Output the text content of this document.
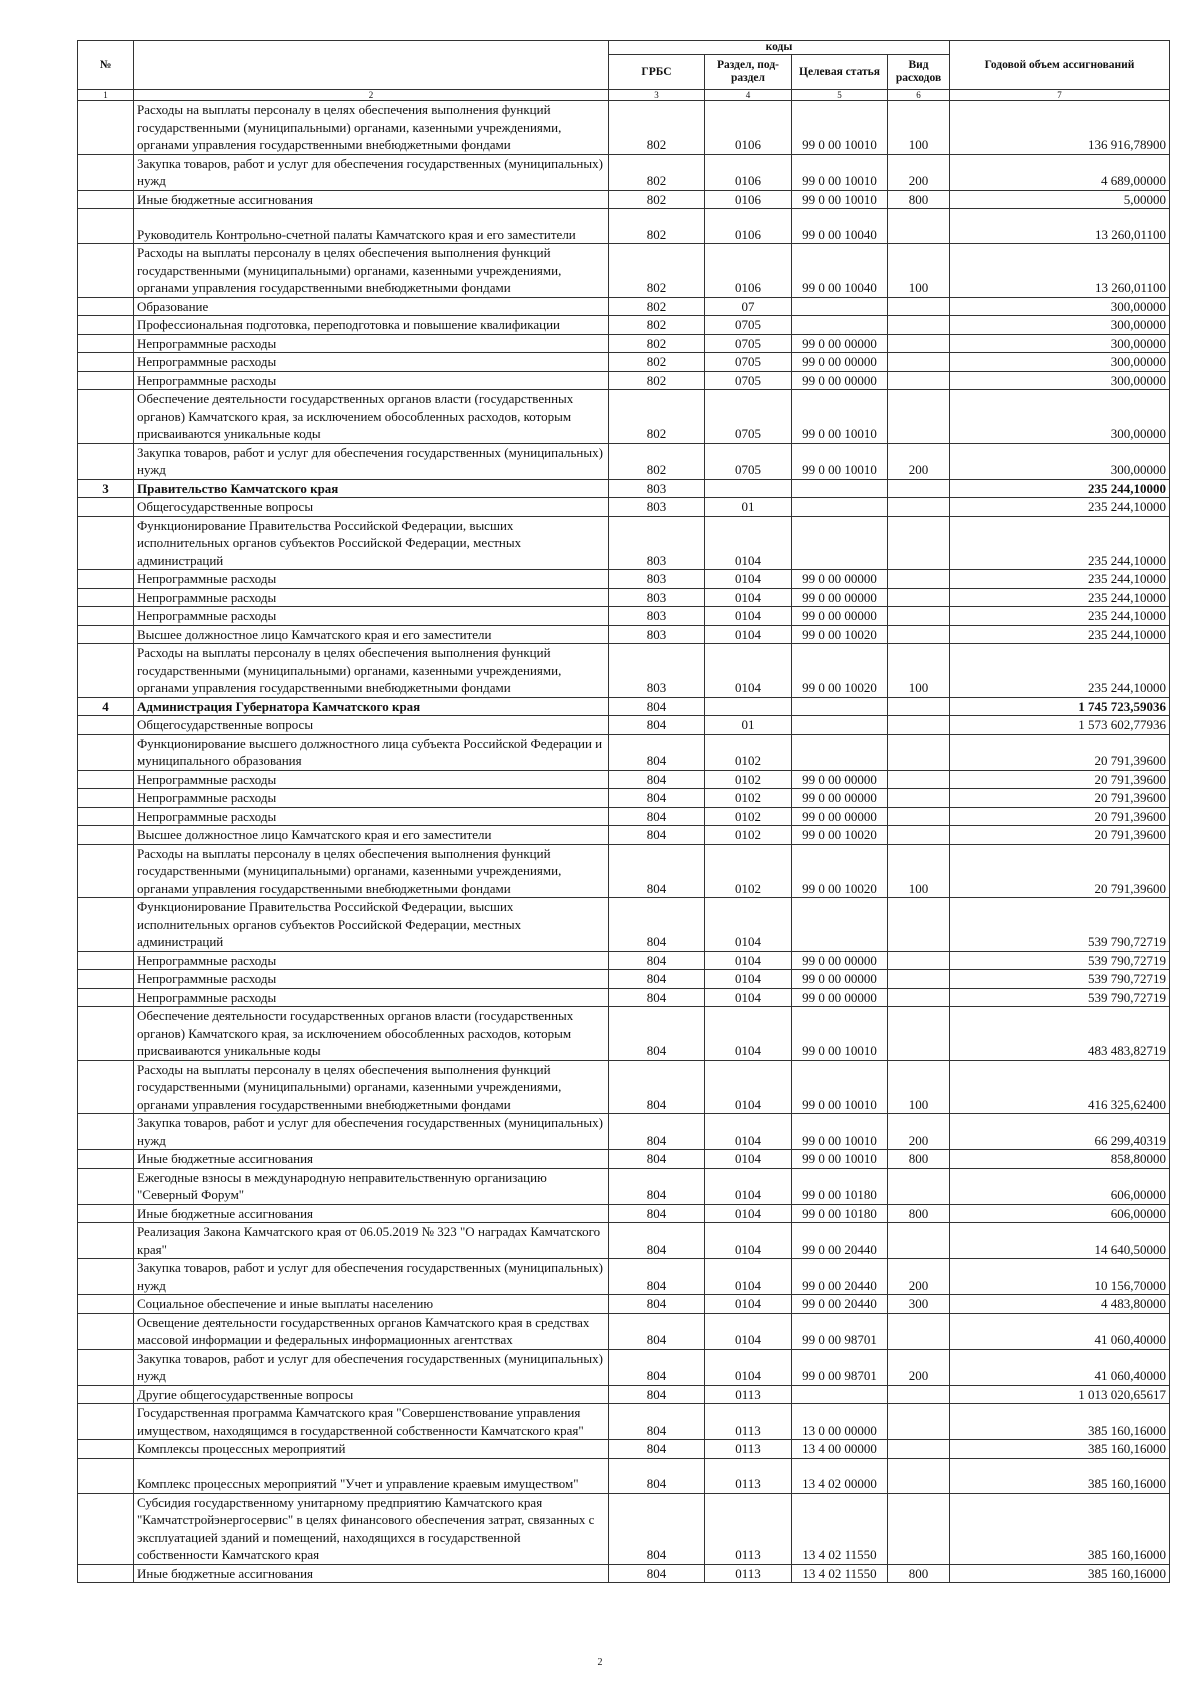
№		коды				Годовой объем ассигнований
		ГРБС	Раздел, под-раздел	Целевая статья	Вид расходов	
1	2	3	4	5	6	7
	Расходы на выплаты персоналу в целях обеспечения выполнения функций государственными (муниципальными) органами, казенными учреждениями, органами управления государственными внебюджетными фондами	802	0106	99 0 00 10010	100	136 916,78900
	Закупка товаров, работ и услуг для обеспечения государственных (муниципальных) нужд	802	0106	99 0 00 10010	200	4 689,00000
	Иные бюджетные ассигнования	802	0106	99 0 00 10010	800	5,00000
	Руководитель Контрольно-счетной палаты Камчатского края и его заместители	802	0106	99 0 00 10040		13 260,01100
	Расходы на выплаты персоналу в целях обеспечения выполнения функций государственными (муниципальными) органами, казенными учреждениями, органами управления государственными внебюджетными фондами	802	0106	99 0 00 10040	100	13 260,01100
	Образование	802	07			300,00000
	Профессиональная подготовка, переподготовка и повышение квалификации	802	0705			300,00000
	Непрограммные расходы	802	0705	99 0 00 00000		300,00000
	Непрограммные расходы	802	0705	99 0 00 00000		300,00000
	Непрограммные расходы	802	0705	99 0 00 00000		300,00000
	Обеспечение деятельности государственных органов власти (государственных органов) Камчатского края, за исключением обособленных расходов, которым присваиваются уникальные коды	802	0705	99 0 00 10010		300,00000
	Закупка товаров, работ и услуг для обеспечения государственных (муниципальных) нужд	802	0705	99 0 00 10010	200	300,00000
3	Правительство Камчатского края	803				235 244,10000
	Общегосударственные вопросы	803	01			235 244,10000
	Функционирование Правительства Российской Федерации, высших исполнительных органов субъектов Российской Федерации, местных администраций	803	0104			235 244,10000
	Непрограммные расходы	803	0104	99 0 00 00000		235 244,10000
	Непрограммные расходы	803	0104	99 0 00 00000		235 244,10000
	Непрограммные расходы	803	0104	99 0 00 00000		235 244,10000
	Высшее должностное лицо Камчатского края и его заместители	803	0104	99 0 00 10020		235 244,10000
	Расходы на выплаты персоналу в целях обеспечения выполнения функций государственными (муниципальными) органами, казенными учреждениями, органами управления государственными внебюджетными фондами	803	0104	99 0 00 10020	100	235 244,10000
4	Администрация Губернатора Камчатского края	804				1 745 723,59036
	Общегосударственные вопросы	804	01			1 573 602,77936
	Функционирование высшего должностного лица субъекта Российской Федерации и муниципального образования	804	0102			20 791,39600
	Непрограммные расходы	804	0102	99 0 00 00000		20 791,39600
	Непрограммные расходы	804	0102	99 0 00 00000		20 791,39600
	Непрограммные расходы	804	0102	99 0 00 00000		20 791,39600
	Высшее должностное лицо Камчатского края и его заместители	804	0102	99 0 00 10020		20 791,39600
	Расходы на выплаты персоналу в целях обеспечения выполнения функций государственными (муниципальными) органами, казенными учреждениями, органами управления государственными внебюджетными фондами	804	0102	99 0 00 10020	100	20 791,39600
	Функционирование Правительства Российской Федерации, высших исполнительных органов субъектов Российской Федерации, местных администраций	804	0104			539 790,72719
	Непрограммные расходы	804	0104	99 0 00 00000		539 790,72719
	Непрограммные расходы	804	0104	99 0 00 00000		539 790,72719
	Непрограммные расходы	804	0104	99 0 00 00000		539 790,72719
	Обеспечение деятельности государственных органов власти (государственных органов) Камчатского края, за исключением обособленных расходов, которым присваиваются уникальные коды	804	0104	99 0 00 10010		483 483,82719
	Расходы на выплаты персоналу в целях обеспечения выполнения функций государственными (муниципальными) органами, казенными учреждениями, органами управления государственными внебюджетными фондами	804	0104	99 0 00 10010	100	416 325,62400
	Закупка товаров, работ и услуг для обеспечения государственных (муниципальных) нужд	804	0104	99 0 00 10010	200	66 299,40319
	Иные бюджетные ассигнования	804	0104	99 0 00 10010	800	858,80000
	Ежегодные взносы в международную неправительственную организацию "Северный Форум"	804	0104	99 0 00 10180		606,00000
	Иные бюджетные ассигнования	804	0104	99 0 00 10180	800	606,00000
	Реализация Закона Камчатского края от 06.05.2019 № 323 "О наградах Камчатского края"	804	0104	99 0 00 20440		14 640,50000
	Закупка товаров, работ и услуг для обеспечения государственных (муниципальных) нужд	804	0104	99 0 00 20440	200	10 156,70000
	Социальное обеспечение и иные выплаты населению	804	0104	99 0 00 20440	300	4 483,80000
	Освещение деятельности государственных органов Камчатского края в средствах массовой информации и федеральных информационных агентствах	804	0104	99 0 00 98701		41 060,40000
	Закупка товаров, работ и услуг для обеспечения государственных (муниципальных) нужд	804	0104	99 0 00 98701	200	41 060,40000
	Другие общегосударственные вопросы	804	0113			1 013 020,65617
	Государственная программа Камчатского края "Совершенствование управления имуществом, находящимся в государственной собственности Камчатского края"	804	0113	13 0 00 00000		385 160,16000
	Комплексы процессных мероприятий	804	0113	13 4 00 00000		385 160,16000
	Комплекс процессных мероприятий "Учет и управление краевым имуществом"	804	0113	13 4 02 00000		385 160,16000
	Субсидия государственному унитарному предприятию Камчатского края "Камчатстройэнергосервис" в целях финансового обеспечения затрат, связанных с эксплуатацией зданий и помещений, находящихся в государственной собственности Камчатского края	804	0113	13 4 02 11550		385 160,16000
	Иные бюджетные ассигнования	804	0113	13 4 02 11550	800	385 160,16000
2
